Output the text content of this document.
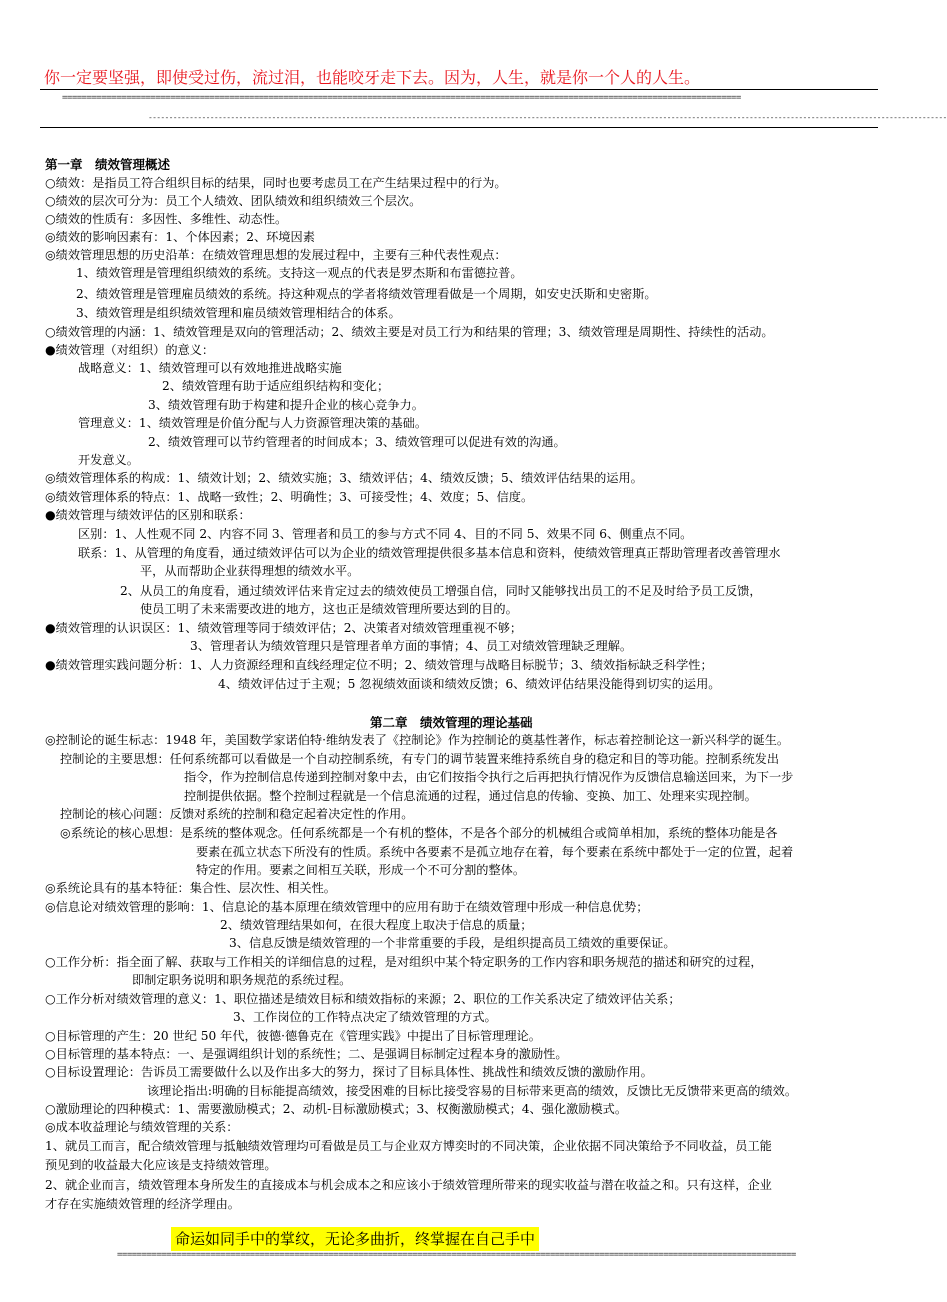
你一定要坚强，即使受过伤，流过泪，也能咬牙走下去。因为，人生，就是你一个人的人生。
==========================================================================================================================================
--------------------------------------------------------------------------------------------------------------------------------------------------------------------------------------------------
第一章　绩效管理概述
○绩效：是指员工符合组织目标的结果，同时也要考虑员工在产生结果过程中的行为。
○绩效的层次可分为：员工个人绩效、团队绩效和组织绩效三个层次。
○绩效的性质有：多因性、多维性、动态性。
◎绩效的影响因素有：1、个体因素；2、环境因素
◎绩效管理思想的历史沿革：在绩效管理思想的发展过程中，主要有三种代表性观点：
1、绩效管理是管理组织绩效的系统。支持这一观点的代表是罗杰斯和布雷德拉普。
2、绩效管理是管理雇员绩效的系统。持这种观点的学者将绩效管理看做是一个周期，如安史沃斯和史密斯。
3、绩效管理是组织绩效管理和雇员绩效管理相结合的体系。
○绩效管理的内涵：1、绩效管理是双向的管理活动；2、绩效主要是对员工行为和结果的管理；3、绩效管理是周期性、持续性的活动。
●绩效管理（对组织）的意义：
战略意义：1、绩效管理可以有效地推进战略实施
2、绩效管理有助于适应组织结构和变化；
3、绩效管理有助于构建和提升企业的核心竞争力。
管理意义：1、绩效管理是价值分配与人力资源管理决策的基础。
2、绩效管理可以节约管理者的时间成本；3、绩效管理可以促进有效的沟通。
开发意义。
◎绩效管理体系的构成：1、绩效计划；2、绩效实施；3、绩效评估；4、绩效反馈；5、绩效评估结果的运用。
◎绩效管理体系的特点：1、战略一致性；2、明确性；3、可接受性；4、效度；5、信度。
●绩效管理与绩效评估的区别和联系：
区别：1、人性观不同 2、内容不同 3、管理者和员工的参与方式不同 4、目的不同 5、效果不同 6、侧重点不同。
联系：1、从管理的角度看，通过绩效评估可以为企业的绩效管理提供很多基本信息和资料，使绩效管理真正帮助管理者改善管理水
平，从而帮助企业获得理想的绩效水平。
2、从员工的角度看，通过绩效评估来肯定过去的绩效使员工增强自信，同时又能够找出员工的不足及时给予员工反馈，
使员工明了未来需要改进的地方，这也正是绩效管理所要达到的目的。
●绩效管理的认识误区：1、绩效管理等同于绩效评估；2、决策者对绩效管理重视不够；
3、管理者认为绩效管理只是管理者单方面的事情；4、员工对绩效管理缺乏理解。
●绩效管理实践问题分析：1、人力资源经理和直线经理定位不明；2、绩效管理与战略目标脱节；3、绩效指标缺乏科学性；
4、绩效评估过于主观；5 忽视绩效面谈和绩效反馈；6、绩效评估结果没能得到切实的运用。
第二章　绩效管理的理论基础
◎控制论的诞生标志：1948 年，美国数学家诺伯特·维纳发表了《控制论》作为控制论的奠基性著作，标志着控制论这一新兴科学的诞生。
控制论的主要思想：任何系统都可以看做是一个自动控制系统，有专门的调节装置来维持系统自身的稳定和目的等功能。控制系统发出
指令，作为控制信息传递到控制对象中去，由它们按指令执行之后再把执行情况作为反馈信息输送回来，为下一步
控制提供依据。整个控制过程就是一个信息流通的过程，通过信息的传输、变换、加工、处理来实现控制。
控制论的核心问题：反馈对系统的控制和稳定起着决定性的作用。
◎系统论的核心思想：是系统的整体观念。任何系统都是一个有机的整体，不是各个部分的机械组合或简单相加，系统的整体功能是各
要素在孤立状态下所没有的性质。系统中各要素不是孤立地存在着，每个要素在系统中都处于一定的位置，起着
特定的作用。要素之间相互关联，形成一个不可分割的整体。
◎系统论具有的基本特征：集合性、层次性、相关性。
◎信息论对绩效管理的影响：1、信息论的基本原理在绩效管理中的应用有助于在绩效管理中形成一种信息优势；
2、绩效管理结果如何，在很大程度上取决于信息的质量；
3、信息反馈是绩效管理的一个非常重要的手段，是组织提高员工绩效的重要保证。
○工作分析：指全面了解、获取与工作相关的详细信息的过程，是对组织中某个特定职务的工作内容和职务规范的描述和研究的过程，
即制定职务说明和职务规范的系统过程。
○工作分析对绩效管理的意义：1、职位描述是绩效目标和绩效指标的来源；2、职位的工作关系决定了绩效评估关系；
3、工作岗位的工作特点决定了绩效管理的方式。
○目标管理的产生：20 世纪 50 年代，彼德·德鲁克在《管理实践》中提出了目标管理理论。
○目标管理的基本特点：一、是强调组织计划的系统性；二、是强调目标制定过程本身的激励性。
○目标设置理论：告诉员工需要做什么以及作出多大的努力，探讨了目标具体性、挑战性和绩效反馈的激励作用。
该理论指出:明确的目标能提高绩效，接受困难的目标比接受容易的目标带来更高的绩效，反馈比无反馈带来更高的绩效。
○激励理论的四种模式：1、需要激励模式；2、动机-目标激励模式；3、权衡激励模式；4、强化激励模式。
◎成本收益理论与绩效管理的关系：
1、就员工而言，配合绩效管理与抵触绩效管理均可看做是员工与企业双方博奕时的不同决策，企业依据不同决策给予不同收益，员工能
预见到的收益最大化应该是支持绩效管理。
2、就企业而言，绩效管理本身所发生的直接成本与机会成本之和应该小于绩效管理所带来的现实收益与潜在收益之和。只有这样，企业
才存在实施绩效管理的经济学理由。
命运如同手中的掌纹，无论多曲折，终掌握在自己手中
==========================================================================================================================================
